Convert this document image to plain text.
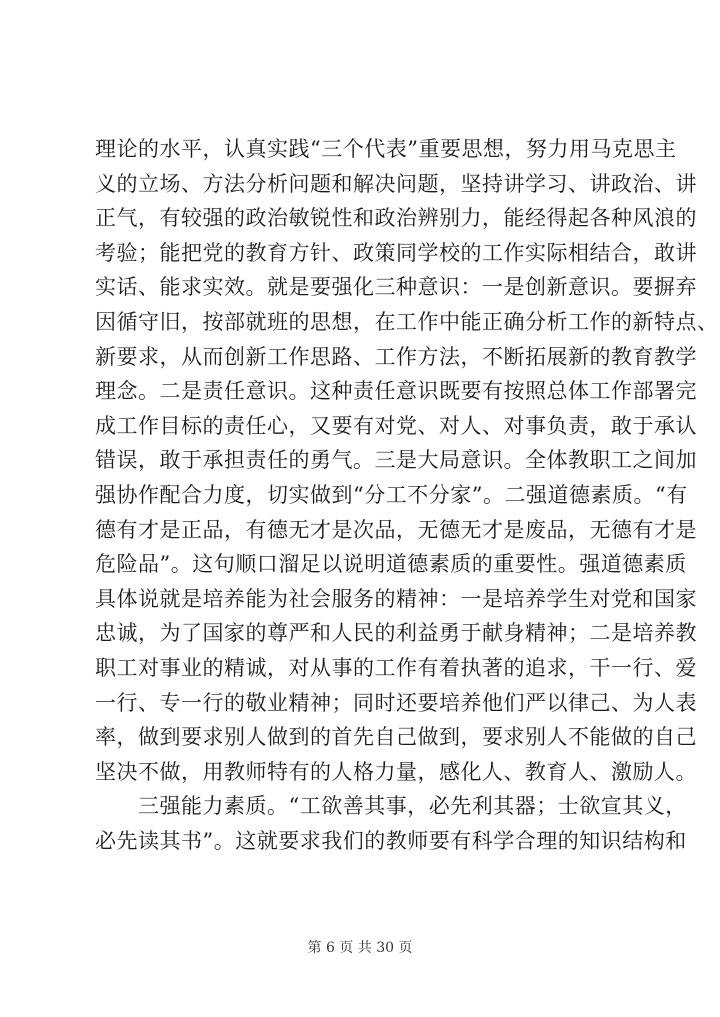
理论的水平，认真实践“三个代表”重要思想，努力用马克思主
义的立场、方法分析问题和解决问题，坚持讲学习、讲政治、讲
正气，有较强的政治敏锐性和政治辨别力，能经得起各种风浪的
考验；能把党的教育方针、政策同学校的工作实际相结合，敢讲
实话、能求实效。就是要强化三种意识：一是创新意识。要摒弃
因循守旧，按部就班的思想，在工作中能正确分析工作的新特点、
新要求，从而创新工作思路、工作方法，不断拓展新的教育教学
理念。二是责任意识。这种责任意识既要有按照总体工作部署完
成工作目标的责任心，又要有对党、对人、对事负责，敢于承认
错误，敢于承担责任的勇气。三是大局意识。全体教职工之间加
强协作配合力度，切实做到“分工不分家”。二强道德素质。“有
德有才是正品，有德无才是次品，无德无才是废品，无德有才是
危险品”。这句顺口溜足以说明道德素质的重要性。强道德素质
具体说就是培养能为社会服务的精神：一是培养学生对党和国家
忠诚，为了国家的尊严和人民的利益勇于献身精神；二是培养教
职工对事业的精诚，对从事的工作有着执著的追求，干一行、爱
一行、专一行的敬业精神；同时还要培养他们严以律己、为人表
率，做到要求别人做到的首先自己做到，要求别人不能做的自己
坚决不做，用教师特有的人格力量，感化人、教育人、激励人。
　　三强能力素质。“工欲善其事，必先利其器；士欲宣其义，
必先读其书”。这就要求我们的教师要有科学合理的知识结构和
第 6 页 共 30 页
